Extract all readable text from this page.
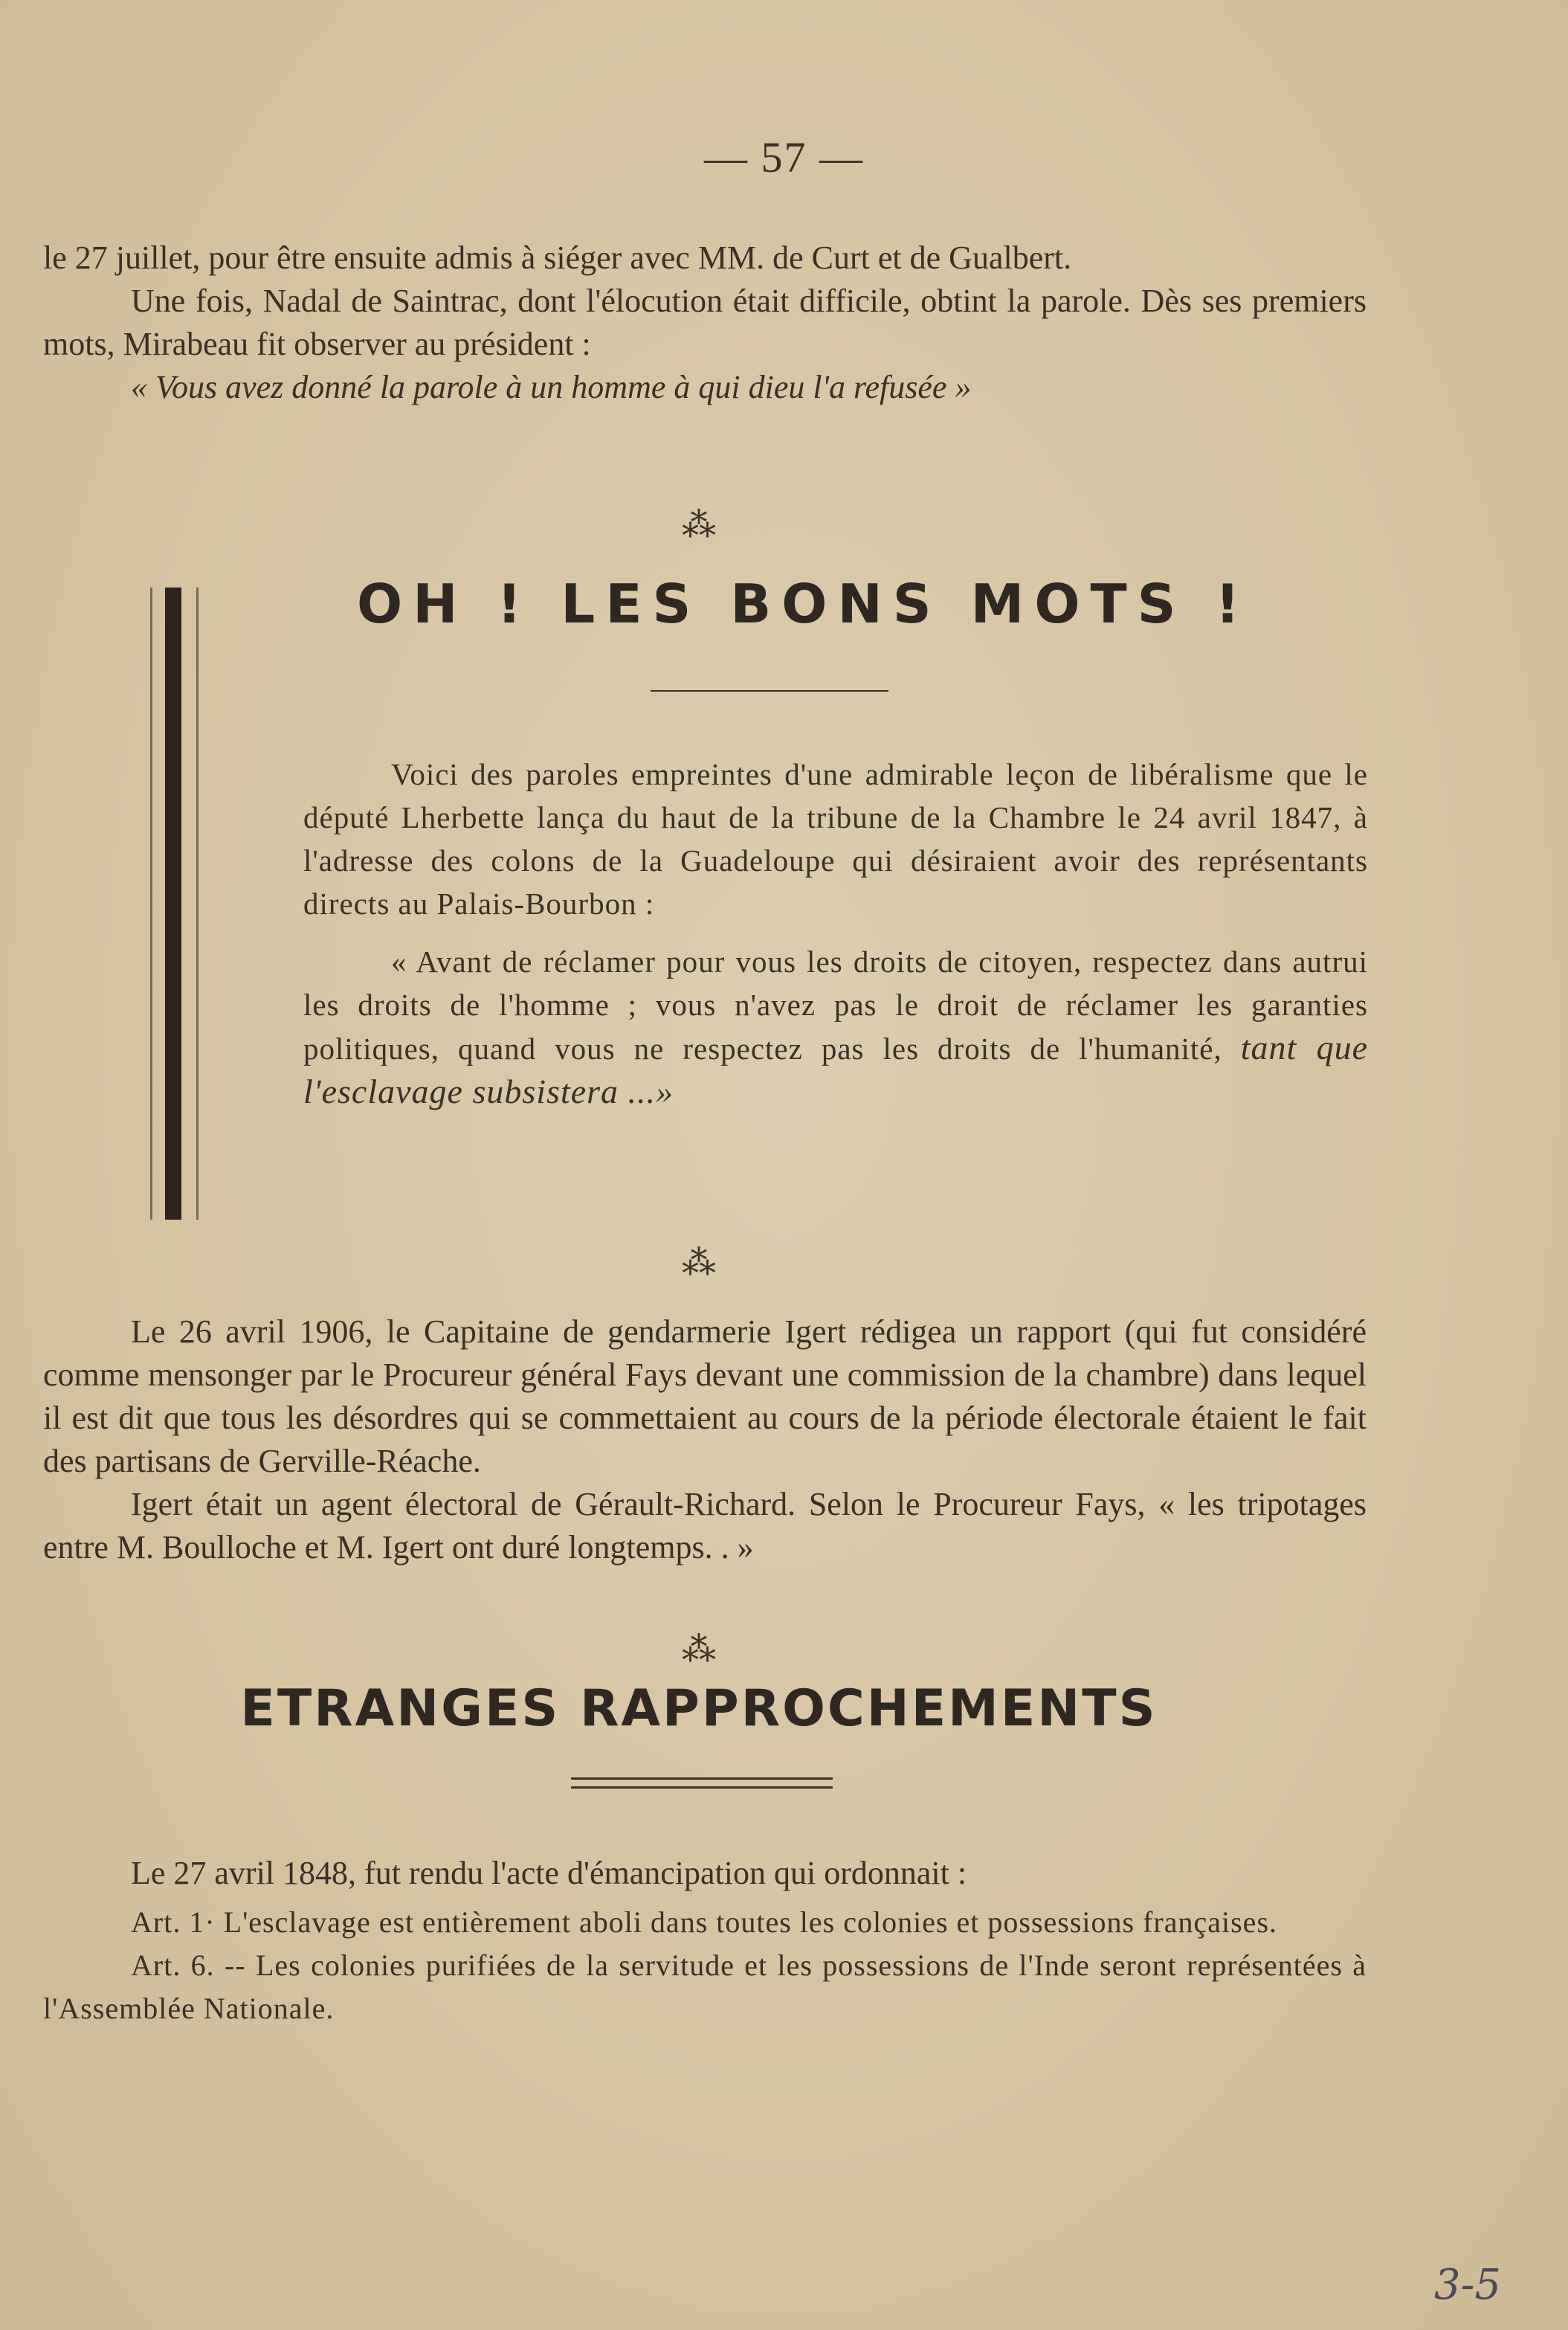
— 57 —

le 27 juillet, pour être ensuite admis à siéger avec MM. de Curt et de Gualbert.

Une fois, Nadal de Saintrac, dont l'élocution était difficile, obtint la parole. Dès ses premiers mots, Mirabeau fit observer au président :

« Vous avez donné la parole à un homme à qui dieu l'a refusée »

⁂
OH ! LES BONS MOTS !

Voici des paroles empreintes d'une admirable leçon de libéralisme que le député Lherbette lança du haut de la tribune de la Chambre le 24 avril 1847, à l'adresse des colons de la Guadeloupe qui désiraient avoir des représentants directs au Palais-Bourbon :

« Avant de réclamer pour vous les droits de citoyen, respectez dans autrui les droits de l'homme ; vous n'avez pas le droit de réclamer les garanties politiques, quand vous ne respectez pas les droits de l'humanité, tant que l'esclavage subsistera ...»

⁂

Le 26 avril 1906, le Capitaine de gendarmerie Igert rédigea un rapport (qui fut considéré comme mensonger par le Procureur général Fays devant une commission de la chambre) dans lequel il est dit que tous les désordres qui se commettaient au cours de la période électorale étaient le fait des partisans de Gerville-Réache.

Igert était un agent électoral de Gérault-Richard. Selon le Procureur Fays, « les tripotages entre M. Boulloche et M. Igert ont duré longtemps. . »

⁂
ETRANGES RAPPROCHEMENTS

Le 27 avril 1848, fut rendu l'acte d'émancipation qui ordonnait :

Art. 1· L'esclavage est entièrement aboli dans toutes les colonies et possessions françaises.

Art. 6. -- Les colonies purifiées de la servitude et les possessions de l'Inde seront représentées à l'Assemblée Nationale.

3-5
